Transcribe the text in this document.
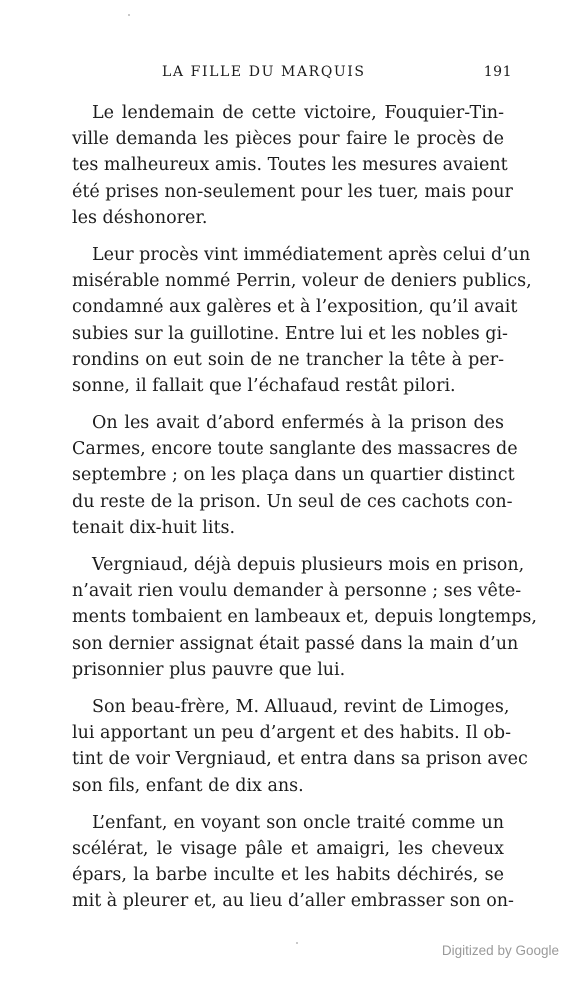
LA FILLE DU MARQUIS	191
Le lendemain de cette victoire, Fouquier-Tin-
ville demanda les pièces pour faire le procès de
tes malheureux amis. Toutes les mesures avaient
été prises non-seulement pour les tuer, mais pour
les déshonorer.
Leur procès vint immédiatement après celui d’un
misérable nommé Perrin, voleur de deniers publics,
condamné aux galères et à l’exposition, qu’il avait
subies sur la guillotine. Entre lui et les nobles gi-
rondins on eut soin de ne trancher la tête à per-
sonne, il fallait que l’échafaud restât pilori.
On les avait d’abord enfermés à la prison des
Carmes, encore toute sanglante des massacres de
septembre ; on les plaça dans un quartier distinct
du reste de la prison. Un seul de ces cachots con-
tenait dix-huit lits.
Vergniaud, déjà depuis plusieurs mois en prison,
n’avait rien voulu demander à personne ; ses vête-
ments tombaient en lambeaux et, depuis longtemps,
son dernier assignat était passé dans la main d’un
prisonnier plus pauvre que lui.
Son beau-frère, M. Alluaud, revint de Limoges,
lui apportant un peu d’argent et des habits. Il ob-
tint de voir Vergniaud, et entra dans sa prison avec
son fils, enfant de dix ans.
L’enfant, en voyant son oncle traité comme un
scélérat, le visage pâle et amaigri, les cheveux
épars, la barbe inculte et les habits déchirés, se
mit à pleurer et, au lieu d’aller embrasser son on-
Digitized by Google
